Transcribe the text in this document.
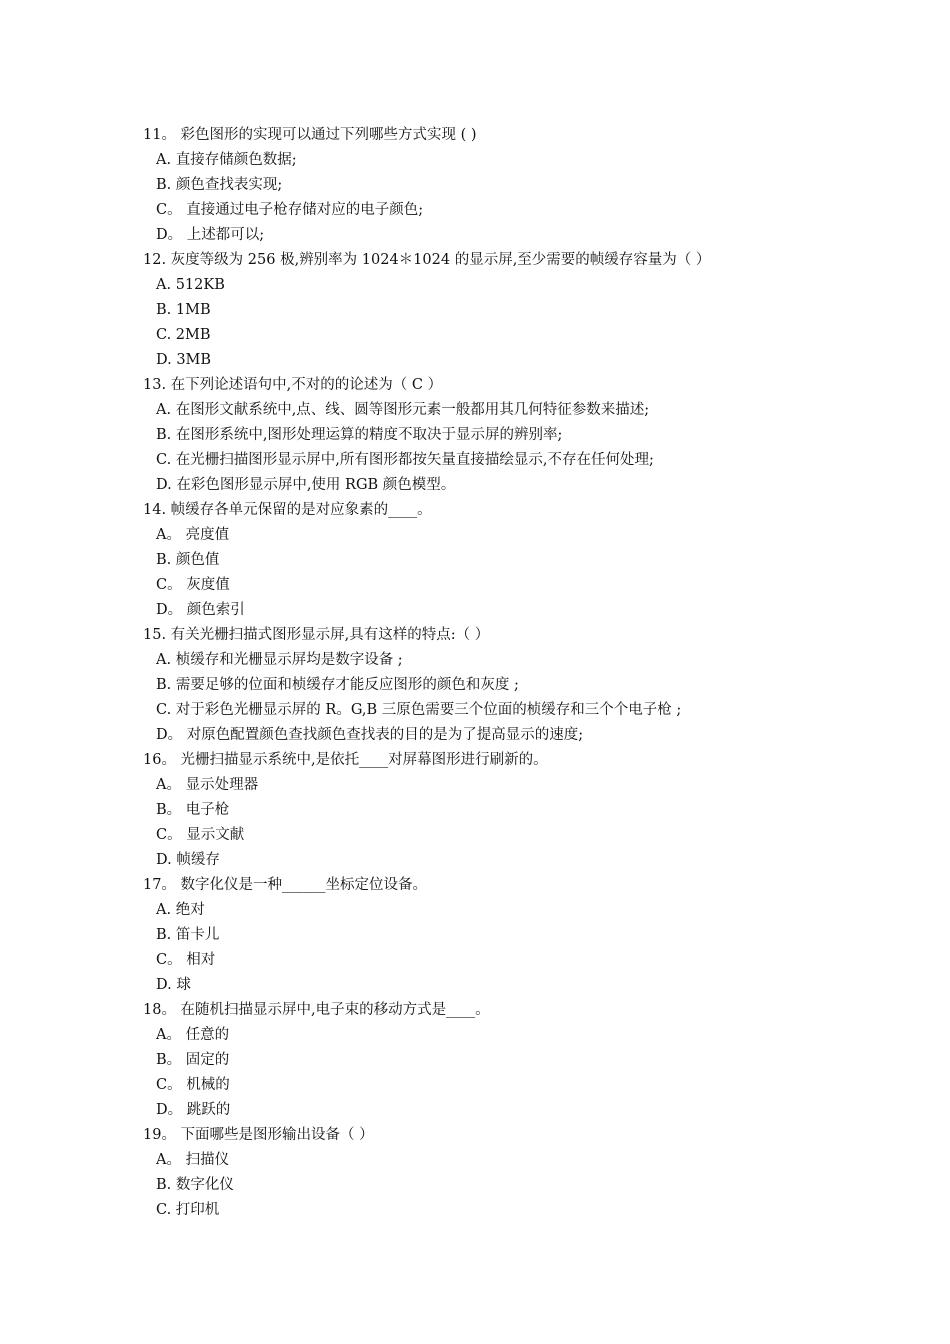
11。 彩色图形的实现可以通过下列哪些方式实现 ( )
A. 直接存储颜色数据;
B. 颜色查找表实现;
C。 直接通过电子枪存储对应的电子颜色;
D。 上述都可以;
12. 灰度等级为 256 极,辨别率为 1024＊1024 的显示屏,至少需要的帧缓存容量为（ ）
A. 512KB
B. 1MB
C. 2MB
D. 3MB
13. 在下列论述语句中,不对的的论述为（ C ）
A. 在图形文献系统中,点、线、圆等图形元素一般都用其几何特征参数来描述;
B. 在图形系统中,图形处理运算的精度不取决于显示屏的辨别率;
C. 在光栅扫描图形显示屏中,所有图形都按矢量直接描绘显示,不存在任何处理;
D. 在彩色图形显示屏中,使用 RGB 颜色模型。
14. 帧缓存各单元保留的是对应象素的____。
A。 亮度值
B. 颜色值
C。 灰度值
D。 颜色索引
15. 有关光栅扫描式图形显示屏,具有这样的特点:（ ）
A. 桢缓存和光栅显示屏均是数字设备 ;
B. 需要足够的位面和桢缓存才能反应图形的颜色和灰度 ;
C. 对于彩色光栅显示屏的 R。G,B 三原色需要三个位面的桢缓存和三个个电子枪 ;
D。 对原色配置颜色查找颜色查找表的目的是为了提高显示的速度;
16。 光栅扫描显示系统中,是依托____对屏幕图形进行刷新的。
A。 显示处理器
B。 电子枪
C。 显示文献
D. 帧缓存
17。 数字化仪是一种______坐标定位设备。
A. 绝对
B. 笛卡儿
C。 相对
D. 球
18。 在随机扫描显示屏中,电子束的移动方式是____。
A。 任意的
B。 固定的
C。 机械的
D。 跳跃的
19。 下面哪些是图形输出设备（ ）
A。 扫描仪
B. 数字化仪
C. 打印机
